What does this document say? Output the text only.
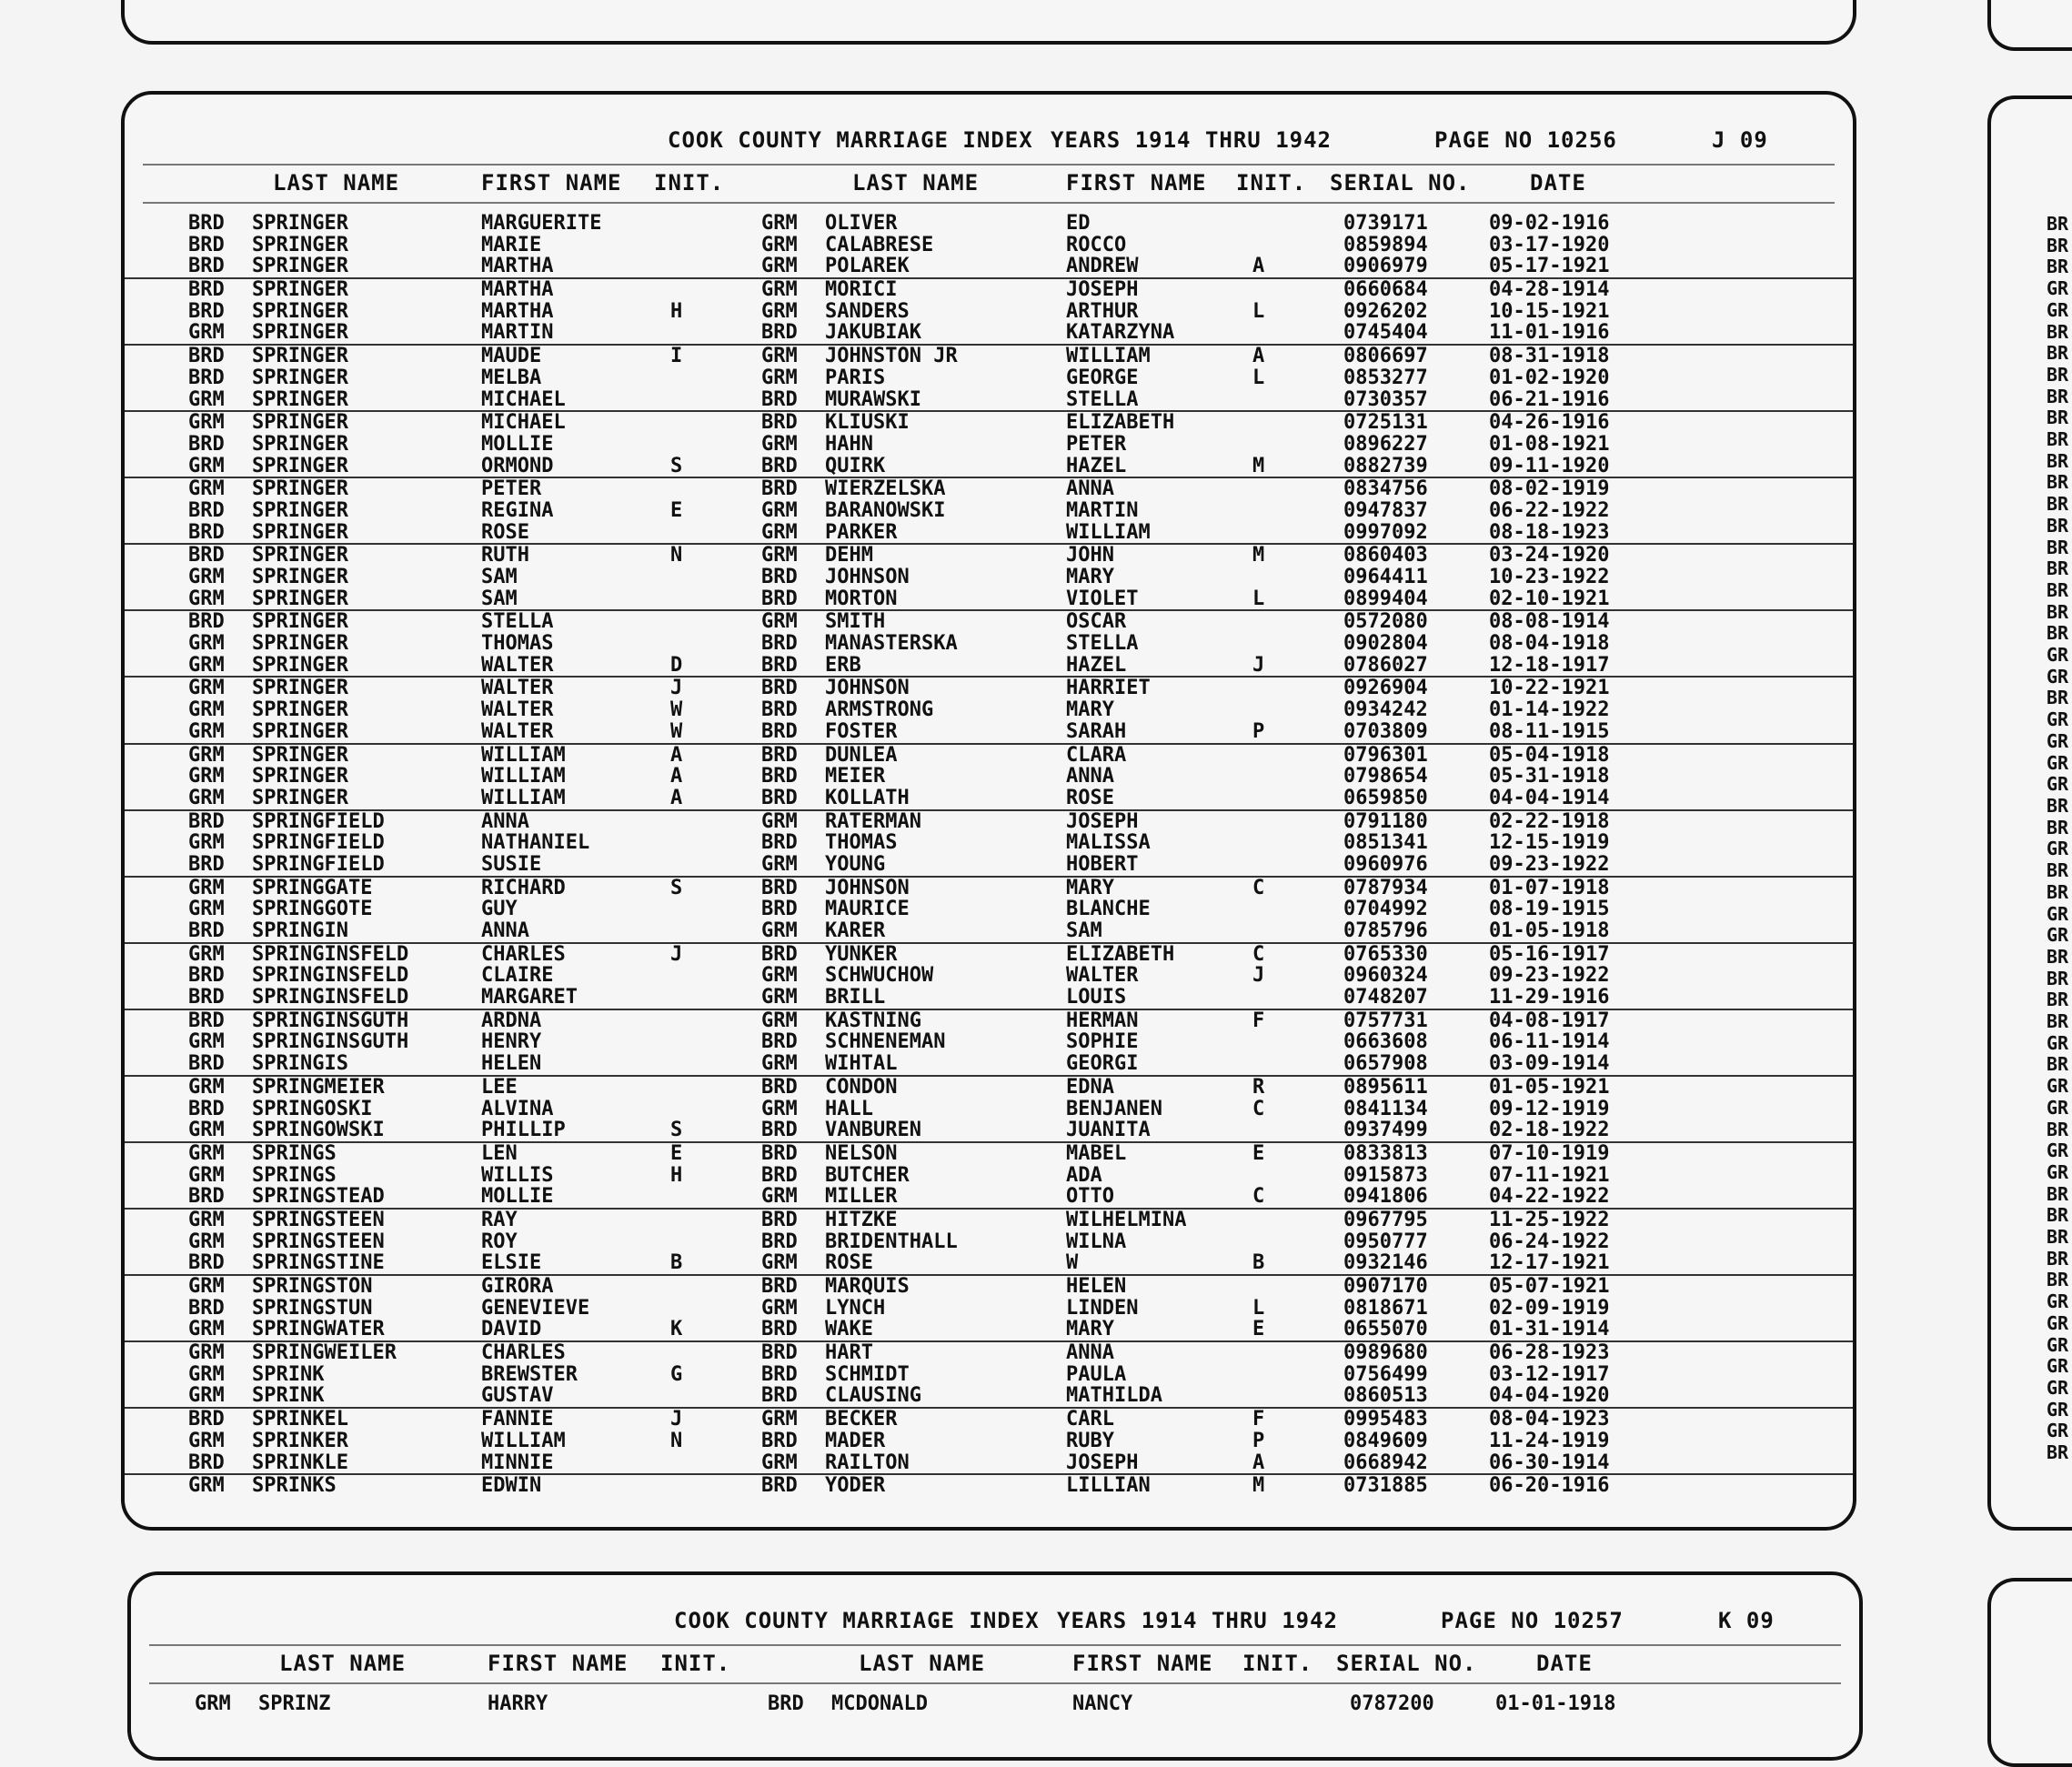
COOK COUNTY MARRIAGE INDEX YEARS 1914 THRU 1942	PAGE NO 10256	J 09
LAST NAME	FIRST NAME INIT.	LAST NAME	FIRST NAME INIT. SERIAL NO.	DATE
BRD SPRINGER	MARGUERITE	GRM OLIVER	ED	0739171	09-02-1916
BRD SPRINGER	MARIE	GRM CALABRESE	ROCCO	0859894	03-17-1920
BRD SPRINGER	MARTHA	GRM POLAREK	ANDREW	A	0906979	05-17-1921
BRD SPRINGER	MARTHA	GRM MORICI	JOSEPH	0660684	04-28-1914
BRD SPRINGER	MARTHA	H	GRM SANDERS	ARTHUR	L	0926202	10-15-1921
GRM SPRINGER	MARTIN	BRD JAKUBIAK	KATARZYNA	0745404	11-01-1916
BRD SPRINGER	MAUDE	I	GRM JOHNSTON JR	WILLIAM	A	0806697	08-31-1918
BRD SPRINGER	MELBA	GRM PARIS	GEORGE	L	0853277	01-02-1920
GRM SPRINGER	MICHAEL	BRD MURAWSKI	STELLA	0730357	06-21-1916
GRM SPRINGER	MICHAEL	BRD KLIUSKI	ELIZABETH	0725131	04-26-1916
BRD SPRINGER	MOLLIE	GRM HAHN	PETER	0896227	01-08-1921
GRM SPRINGER	ORMOND	S	BRD QUIRK	HAZEL	M	0882739	09-11-1920
GRM SPRINGER	PETER	BRD WIERZELSKA	ANNA	0834756	08-02-1919
BRD SPRINGER	REGINA	E	GRM BARANOWSKI	MARTIN	0947837	06-22-1922
BRD SPRINGER	ROSE	GRM PARKER	WILLIAM	0997092	08-18-1923
BRD SPRINGER	RUTH	N	GRM DEHM	JOHN	M	0860403	03-24-1920
GRM SPRINGER	SAM	BRD JOHNSON	MARY	0964411	10-23-1922
GRM SPRINGER	SAM	BRD MORTON	VIOLET	L	0899404	02-10-1921
BRD SPRINGER	STELLA	GRM SMITH	OSCAR	0572080	08-08-1914
GRM SPRINGER	THOMAS	BRD MANASTERSKA	STELLA	0902804	08-04-1918
GRM SPRINGER	WALTER	D	BRD ERB	HAZEL	J	0786027	12-18-1917
GRM SPRINGER	WALTER	J	BRD JOHNSON	HARRIET	0926904	10-22-1921
GRM SPRINGER	WALTER	W	BRD ARMSTRONG	MARY	0934242	01-14-1922
GRM SPRINGER	WALTER	W	BRD FOSTER	SARAH	P	0703809	08-11-1915
GRM SPRINGER	WILLIAM	A	BRD DUNLEA	CLARA	0796301	05-04-1918
GRM SPRINGER	WILLIAM	A	BRD MEIER	ANNA	0798654	05-31-1918
GRM SPRINGER	WILLIAM	A	BRD KOLLATH	ROSE	0659850	04-04-1914
BRD SPRINGFIELD	ANNA	GRM RATERMAN	JOSEPH	0791180	02-22-1918
GRM SPRINGFIELD	NATHANIEL	BRD THOMAS	MALISSA	0851341	12-15-1919
BRD SPRINGFIELD	SUSIE	GRM YOUNG	HOBERT	0960976	09-23-1922
GRM SPRINGGATE	RICHARD	S	BRD JOHNSON	MARY	C	0787934	01-07-1918
GRM SPRINGGOTE	GUY	BRD MAURICE	BLANCHE	0704992	08-19-1915
BRD SPRINGIN	ANNA	GRM KARER	SAM	0785796	01-05-1918
GRM SPRINGINSFELD	CHARLES	J	BRD YUNKER	ELIZABETH	C	0765330	05-16-1917
BRD SPRINGINSFELD	CLAIRE	GRM SCHWUCHOW	WALTER	J	0960324	09-23-1922
BRD SPRINGINSFELD	MARGARET	GRM BRILL	LOUIS	0748207	11-29-1916
BRD SPRINGINSGUTH	ARDNA	GRM KASTNING	HERMAN	F	0757731	04-08-1917
GRM SPRINGINSGUTH	HENRY	BRD SCHNENEMAN	SOPHIE	0663608	06-11-1914
BRD SPRINGIS	HELEN	GRM WIHTAL	GEORGI	0657908	03-09-1914
GRM SPRINGMEIER	LEE	BRD CONDON	EDNA	R	0895611	01-05-1921
BRD SPRINGOSKI	ALVINA	GRM HALL	BENJANEN	C	0841134	09-12-1919
GRM SPRINGOWSKI	PHILLIP	S	BRD VANBUREN	JUANITA	0937499	02-18-1922
GRM SPRINGS	LEN	E	BRD NELSON	MABEL	E	0833813	07-10-1919
GRM SPRINGS	WILLIS	H	BRD BUTCHER	ADA	0915873	07-11-1921
BRD SPRINGSTEAD	MOLLIE	GRM MILLER	OTTO	C	0941806	04-22-1922
GRM SPRINGSTEEN	RAY	BRD HITZKE	WILHELMINA	0967795	11-25-1922
GRM SPRINGSTEEN	ROY	BRD BRIDENTHALL	WILNA	0950777	06-24-1922
BRD SPRINGSTINE	ELSIE	B	GRM ROSE	W	B	0932146	12-17-1921
GRM SPRINGSTON	GIRORA	BRD MARQUIS	HELEN	0907170	05-07-1921
BRD SPRINGSTUN	GENEVIEVE	GRM LYNCH	LINDEN	L	0818671	02-09-1919
GRM SPRINGWATER	DAVID	K	BRD WAKE	MARY	E	0655070	01-31-1914
GRM SPRINGWEILER	CHARLES	BRD HART	ANNA	0989680	06-28-1923
GRM SPRINK	BREWSTER	G	BRD SCHMIDT	PAULA	0756499	03-12-1917
GRM SPRINK	GUSTAV	BRD CLAUSING	MATHILDA	0860513	04-04-1920
BRD SPRINKEL	FANNIE	J	GRM BECKER	CARL	F	0995483	08-04-1923
GRM SPRINKER	WILLIAM	N	BRD MADER	RUBY	P	0849609	11-24-1919
BRD SPRINKLE	MINNIE	GRM RAILTON	JOSEPH	A	0668942	06-30-1914
GRM SPRINKS	EDWIN	BRD YODER	LILLIAN	M	0731885	06-20-1916
BR
BR
BR
GR
GR
BR
BR
BR
BR
BR
BR
BR
BR
BR
BR
BR
BR
BR
BR
BR
GR
GR
BR
GR
GR
GR
GR
BR
BR
GR
BR
BR
GR
GR
BR
BR
BR
BR
GR
BR
GR
GR
BR
GR
GR
BR
BR
BR
BR
BR
GR
GR
GR
GR
GR
GR
GR
BR
COOK COUNTY MARRIAGE INDEX YEARS 1914 THRU 1942	PAGE NO 10257	K 09
LAST NAME	FIRST NAME INIT.	LAST NAME	FIRST NAME INIT. SERIAL NO.	DATE
GRM SPRINZ	HARRY	BRD MCDONALD	NANCY	0787200	01-01-1918
